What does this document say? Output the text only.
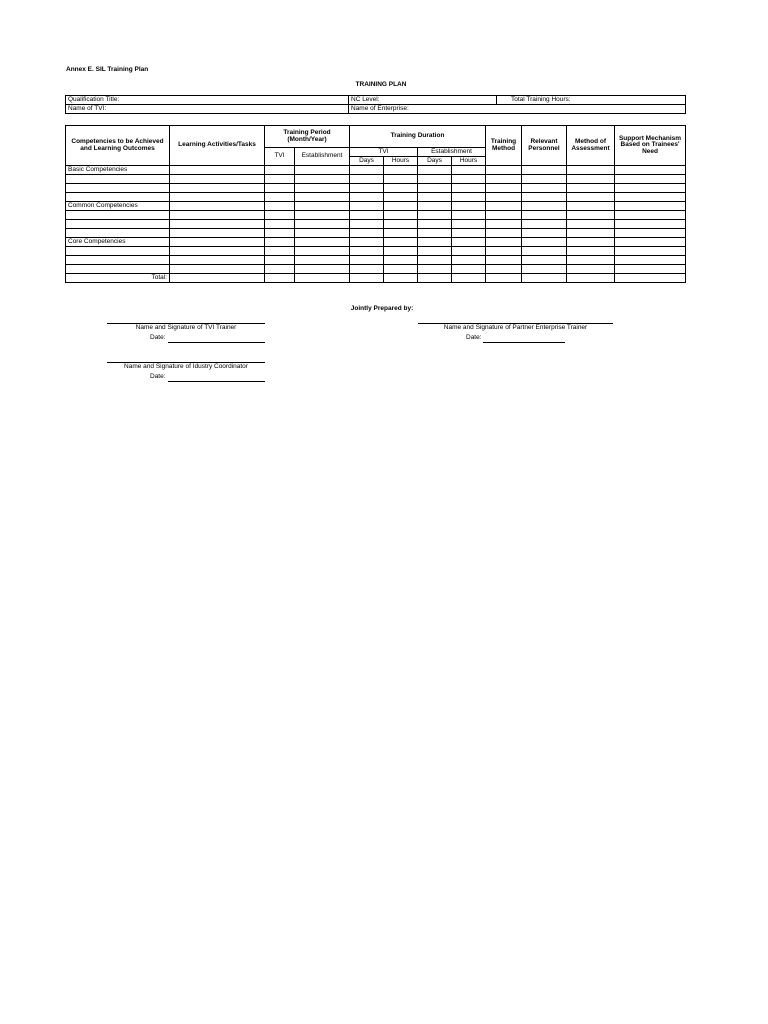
Annex E. SIL Training Plan
TRAINING PLAN
Qualification Title:	NC Level:	Total Training Hours:
Name of TVI:	Name of Enterprise:	
Competencies to be Achieved and Learning Outcomes	Learning Activities/Tasks	Training Period (Month/Year)		Training Duration				Training Method	Relevant Personnel	Method of Assessment	Support Mechanism Based on Trainees' Need
		TVI	Establishment	TVI		Establishment					
				Days	Hours	Days	Hours				
Basic Competencies											

Common Competencies											

Core Competencies											

Total:											
Jointly Prepared by:
Name and Signature of TVI Trainer
Date:
Name and Signature of Partner Enterprise Trainer
Date:
Name and Signature of Idustry Coordinator
Date:
